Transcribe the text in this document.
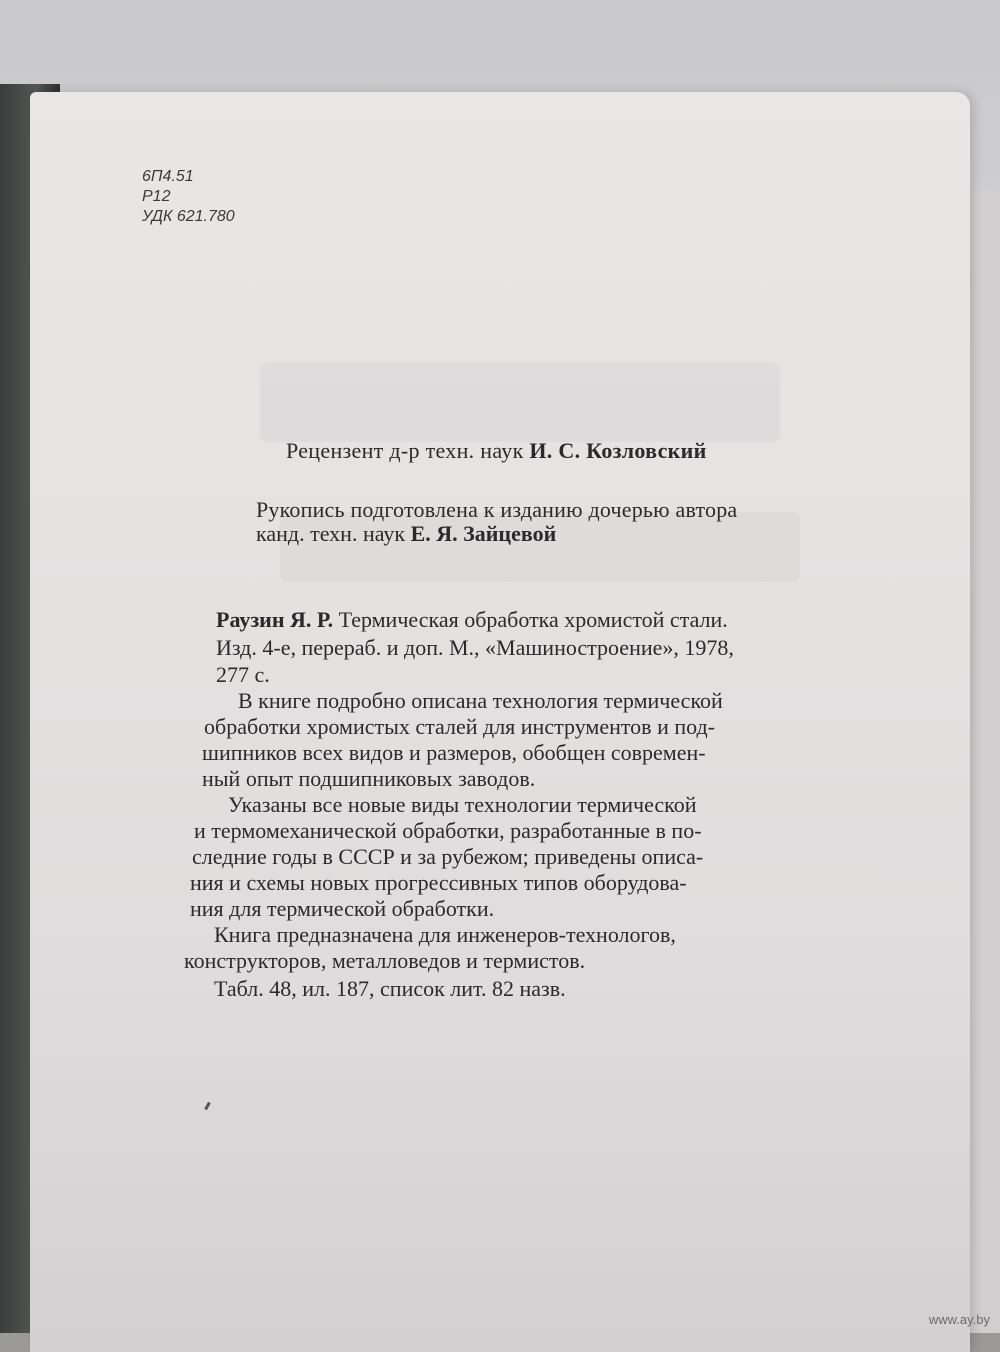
6П4.51
Р12
УДК 621.780
Рецензент д-р техн. наук И. С. Козловский
Рукопись подготовлена к изданию дочерью автора
канд. техн. наук Е. Я. Зайцевой
Раузин Я. Р. Термическая обработка хромистой стали.
Изд. 4-е, перераб. и доп. М., «Машиностроение», 1978,
277 с.
В книге подробно описана технология термической
обработки хромистых сталей для инструментов и под-
шипников всех видов и размеров, обобщен современ-
ный опыт подшипниковых заводов.
Указаны все новые виды технологии термической
и термомеханической обработки, разработанные в по-
следние годы в СССР и за рубежом; приведены описа-
ния и схемы новых прогрессивных типов оборудова-
ния для термической обработки.
Книга предназначена для инженеров-технологов,
конструкторов, металловедов и термистов.
Табл. 48, ил. 187, список лит. 82 назв.
www.ay.by
